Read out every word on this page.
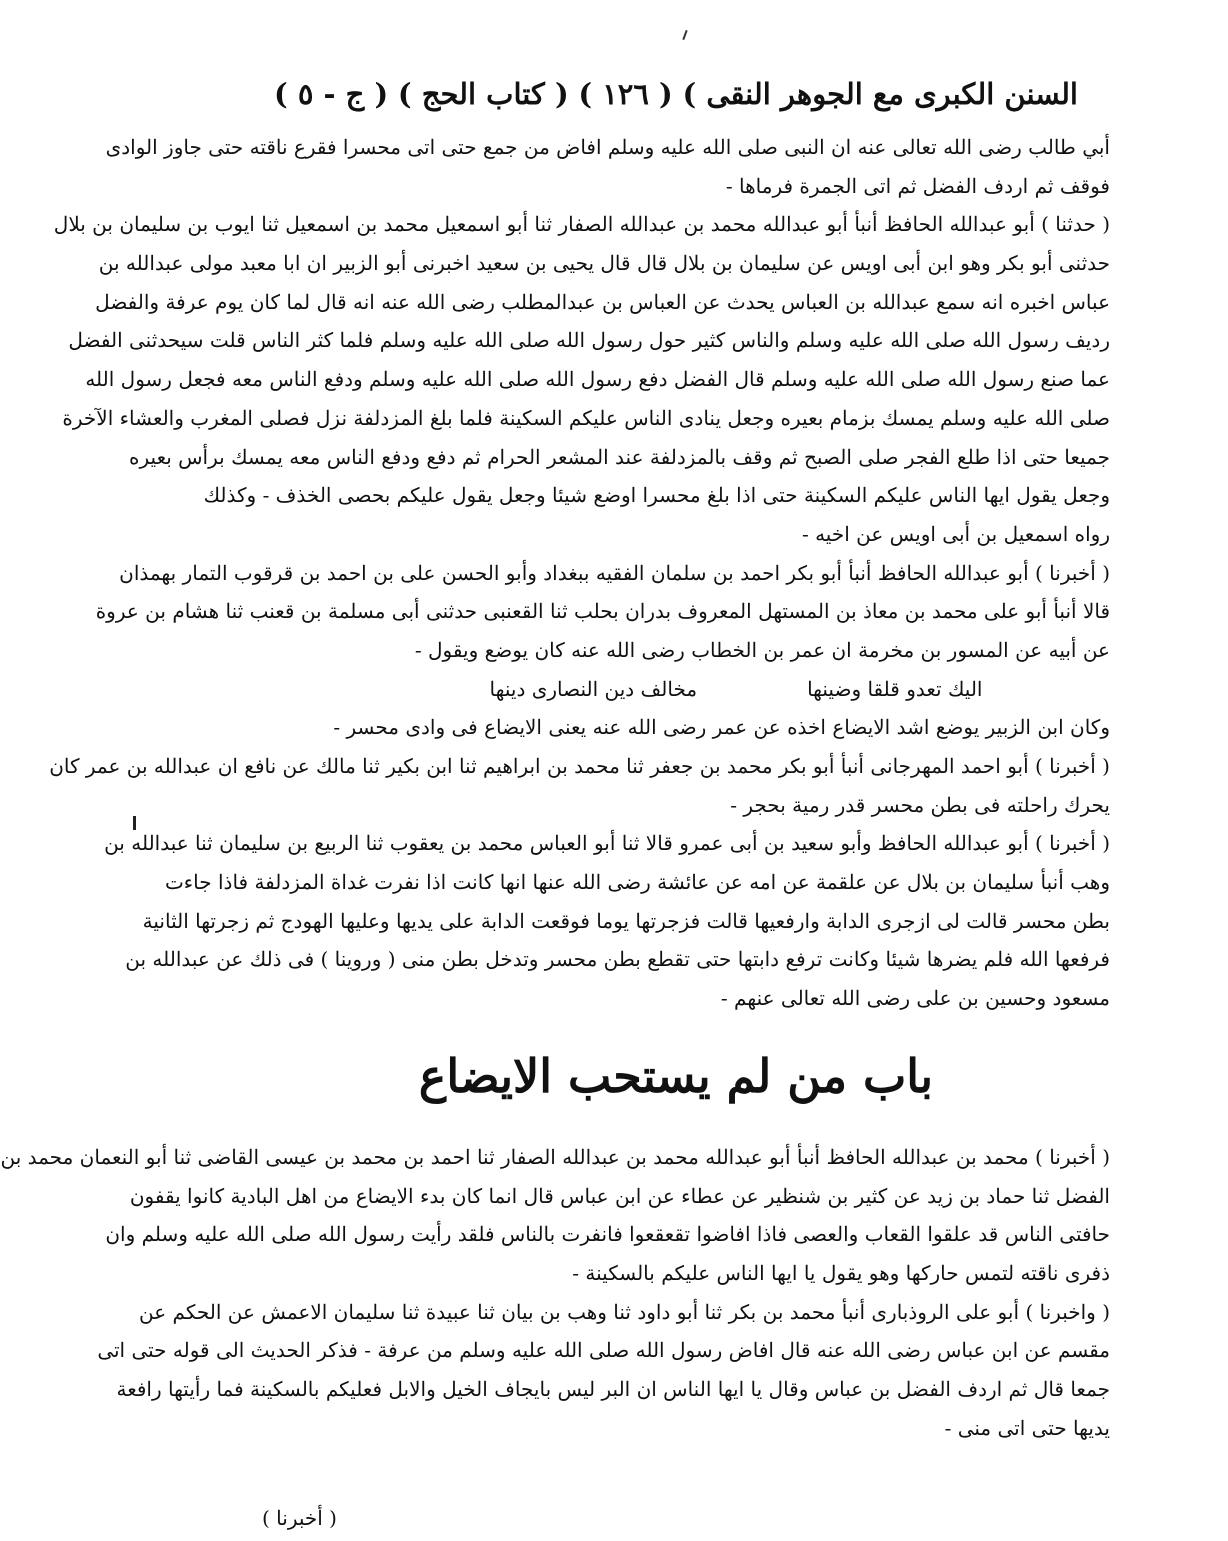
السنن الكبرى مع الجوهر النقى )
( ١٢٦ )
( كتاب الحج )
( ج - ٥ )
أبي طالب رضى الله تعالى عنه ان النبى صلى الله عليه وسلم افاض من جمع حتى اتى محسرا فقرع ناقته حتى جاوز الوادى
فوقف ثم اردف الفضل ثم اتى الجمرة فرماها -
( حدثنا ) أبو عبدالله الحافظ أنبأ أبو عبدالله محمد بن عبدالله الصفار ثنا أبو اسمعيل محمد بن اسمعيل ثنا ايوب بن سليمان بن بلال
حدثنى أبو بكر وهو ابن أبى اويس عن سليمان بن بلال قال قال يحيى بن سعيد اخبرنى أبو الزبير ان ابا معبد مولى عبدالله بن
عباس اخبره انه سمع عبدالله بن العباس يحدث عن العباس بن عبدالمطلب رضى الله عنه انه قال لما كان يوم عرفة والفضل
رديف رسول الله صلى الله عليه وسلم والناس كثير حول رسول الله صلى الله عليه وسلم فلما كثر الناس قلت سيحدثنى الفضل
عما صنع رسول الله صلى الله عليه وسلم قال الفضل دفع رسول الله صلى الله عليه وسلم ودفع الناس معه فجعل رسول الله
صلى الله عليه وسلم يمسك بزمام بعيره وجعل ينادى الناس عليكم السكينة فلما بلغ المزدلفة نزل فصلى المغرب والعشاء الآخرة
جميعا حتى اذا طلع الفجر صلى الصبح ثم وقف بالمزدلفة عند المشعر الحرام ثم دفع ودفع الناس معه يمسك برأس بعيره
وجعل يقول ايها الناس عليكم السكينة حتى اذا بلغ محسرا اوضع شيئا وجعل يقول عليكم بحصى الخذف - وكذلك
رواه اسمعيل بن أبى اويس عن اخيه -
( أخبرنا ) أبو عبدالله الحافظ أنبأ أبو بكر احمد بن سلمان الفقيه ببغداد وأبو الحسن على بن احمد بن قرقوب التمار بهمذان
قالا أنبأ أبو على محمد بن معاذ بن المستهل المعروف بدران بحلب ثنا القعنبى حدثنى أبى مسلمة بن قعنب ثنا هشام بن عروة
عن أبيه عن المسور بن مخرمة ان عمر بن الخطاب رضى الله عنه كان يوضع ويقول -
اليك تعدو قلقا وضينها
مخالف دين النصارى دينها
وكان ابن الزبير يوضع اشد الايضاع اخذه عن عمر رضى الله عنه يعنى الايضاع فى وادى محسر -
( أخبرنا ) أبو احمد المهرجانى أنبأ أبو بكر محمد بن جعفر ثنا محمد بن ابراهيم ثنا ابن بكير ثنا مالك عن نافع ان عبدالله بن عمر كان
يحرك راحلته فى بطن محسر قدر رمية بحجر -
( أخبرنا ) أبو عبدالله الحافظ وأبو سعيد بن أبى عمرو قالا ثنا أبو العباس محمد بن يعقوب ثنا الربيع بن سليمان ثنا عبدالله بن
وهب أنبأ سليمان بن بلال عن علقمة عن امه عن عائشة رضى الله عنها انها كانت اذا نفرت غداة المزدلفة فاذا جاءت
بطن محسر قالت لى ازجرى الدابة وارفعيها قالت فزجرتها يوما فوقعت الدابة على يديها وعليها الهودج ثم زجرتها الثانية
فرفعها الله فلم يضرها شيئا وكانت ترفع دابتها حتى تقطع بطن محسر وتدخل بطن منى ( وروينا ) فى ذلك عن عبدالله بن
مسعود وحسين بن على رضى الله تعالى عنهم -
باب من لم يستحب الايضاع
( أخبرنا ) محمد بن عبدالله الحافظ أنبأ أبو عبدالله محمد بن عبدالله الصفار ثنا احمد بن محمد بن عيسى القاضى ثنا أبو النعمان محمد بن
الفضل ثنا حماد بن زيد عن كثير بن شنظير عن عطاء عن ابن عباس قال انما كان بدء الايضاع من اهل البادية كانوا يقفون
حافتى الناس قد علقوا القعاب والعصى فاذا افاضوا تقعقعوا فانفرت بالناس فلقد رأيت رسول الله صلى الله عليه وسلم وان
ذفرى ناقته لتمس حاركها وهو يقول يا ايها الناس عليكم بالسكينة -
( واخبرنا ) أبو على الروذبارى أنبأ محمد بن بكر ثنا أبو داود ثنا وهب بن بيان ثنا عبيدة ثنا سليمان الاعمش عن الحكم عن
مقسم عن ابن عباس رضى الله عنه قال افاض رسول الله صلى الله عليه وسلم من عرفة - فذكر الحديث الى قوله حتى اتى
جمعا قال ثم اردف الفضل بن عباس وقال يا ايها الناس ان البر ليس بايجاف الخيل والابل فعليكم بالسكينة فما رأيتها رافعة
يديها حتى اتى منى -
( أخبرنا )
